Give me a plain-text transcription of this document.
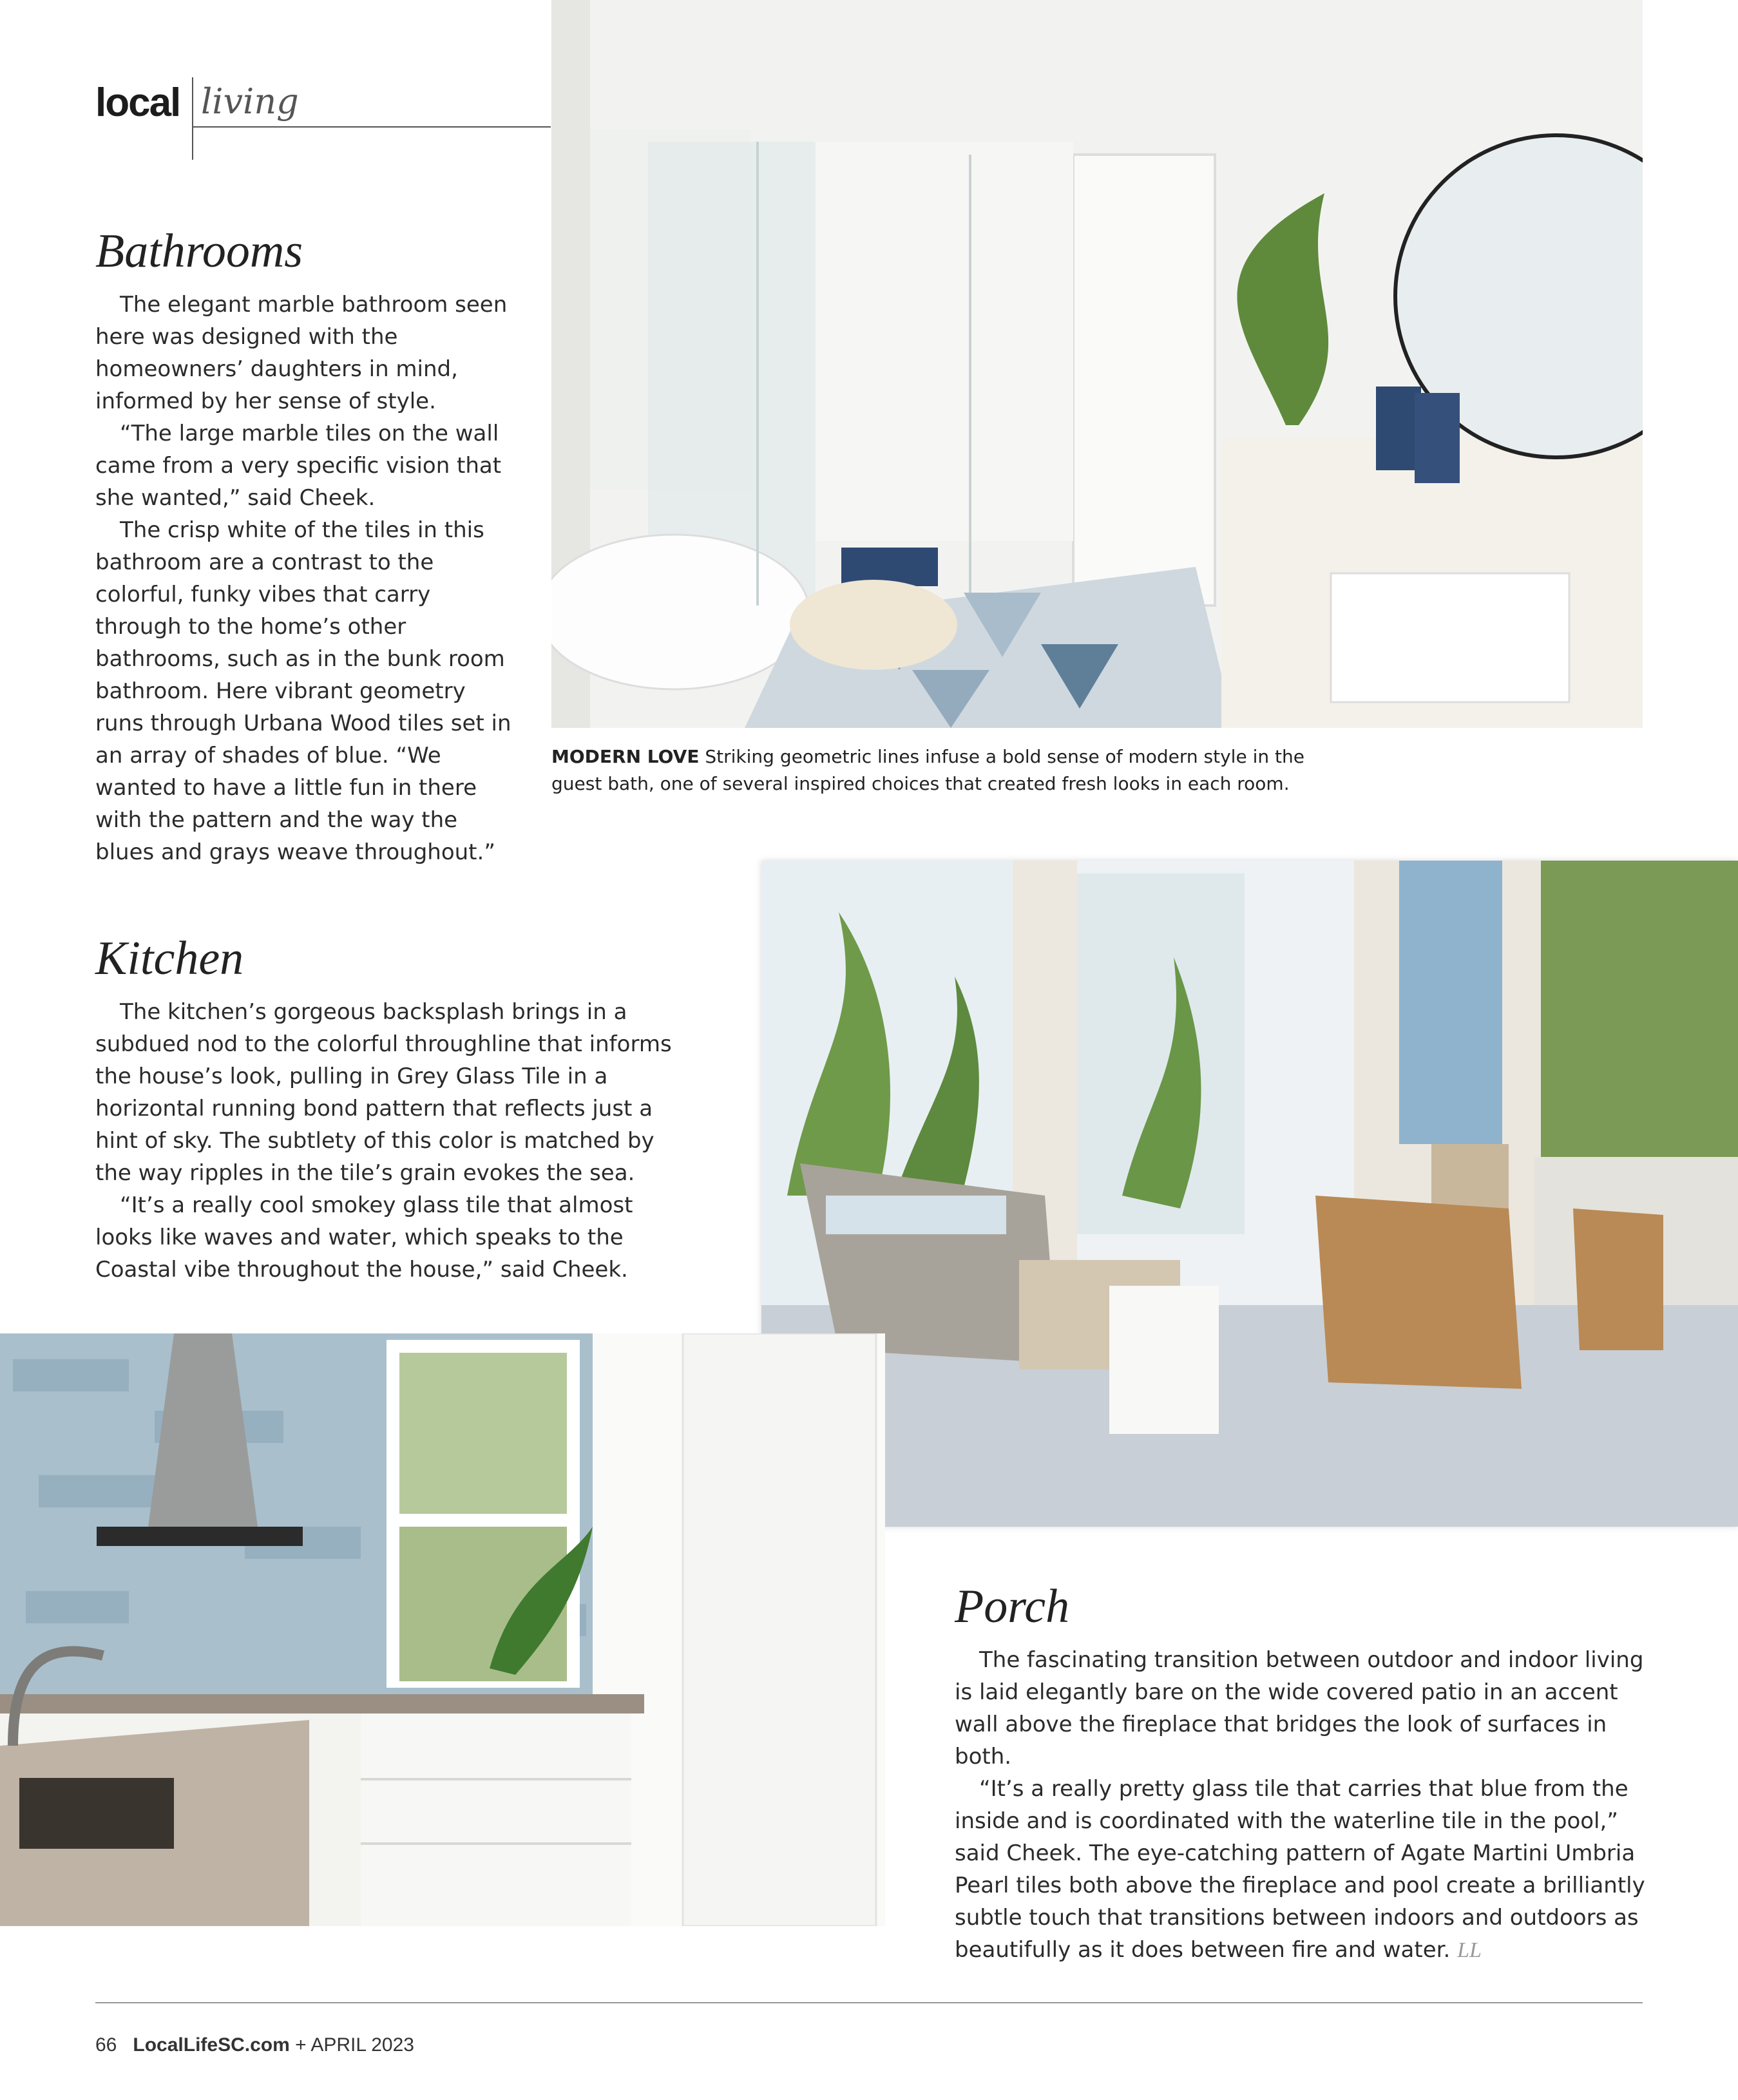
local living
Bathrooms

The elegant marble bathroom seen here was designed with the homeowners’ daughters in mind, informed by her sense of style.

“The large marble tiles on the wall came from a very specific vision that she wanted,” said Cheek.

The crisp white of the tiles in this bathroom are a contrast to the colorful, funky vibes that carry through to the home’s other bathrooms, such as in the bunk room bathroom. Here vibrant geometry runs through Urbana Wood tiles set in an array of shades of blue. “We wanted to have a little fun in there with the pattern and the way the blues and grays weave throughout.”

MODERN LOVE Striking geometric lines infuse a bold sense of modern style in the guest bath, one of several inspired choices that created fresh looks in each room.
Kitchen

The kitchen’s gorgeous backsplash brings in a subdued nod to the colorful throughline that informs the house’s look, pulling in Grey Glass Tile in a horizontal running bond pattern that reflects just a hint of sky. The subtlety of this color is matched by the way ripples in the tile’s grain evokes the sea.

“It’s a really cool smokey glass tile that almost looks like waves and water, which speaks to the Coastal vibe throughout the house,” said Cheek.

Porch

The fascinating transition between outdoor and indoor living is laid elegantly bare on the wide covered patio in an accent wall above the fireplace that bridges the look of surfaces in both.

“It’s a really pretty glass tile that carries that blue from the inside and is coordinated with the waterline tile in the pool,” said Cheek. The eye-catching pattern of Agate Martini Umbria Pearl tiles both above the fireplace and pool create a brilliantly subtle touch that transitions between indoors and outdoors as beautifully as it does between fire and water. LL

66 LocalLifeSC.com + APRIL 2023
